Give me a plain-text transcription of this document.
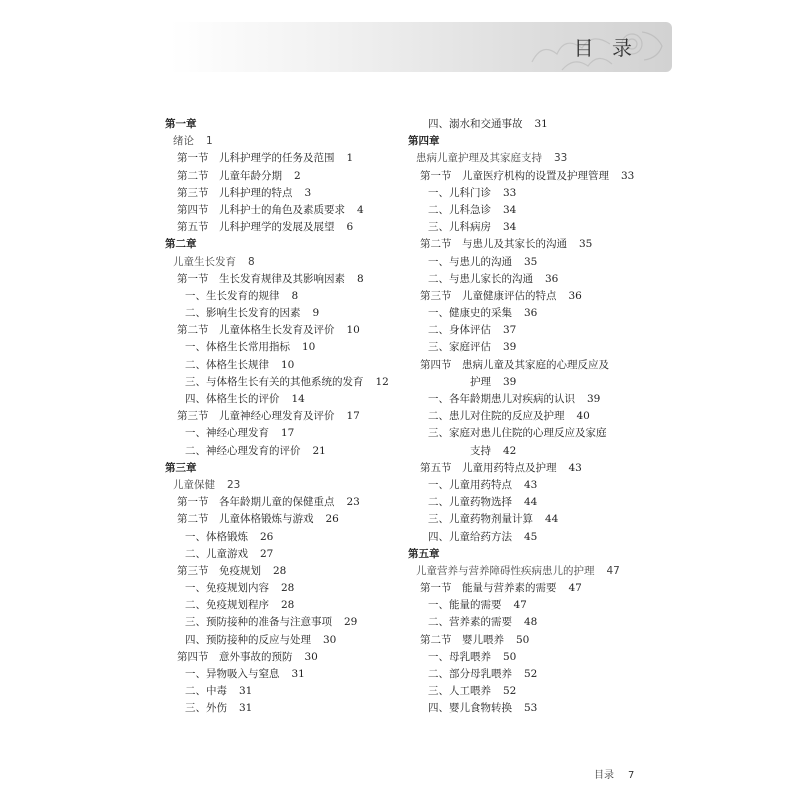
目 录
第一章
绪论 1
第一节　儿科护理学的任务及范围 1
第二节　儿童年龄分期 2
第三节　儿科护理的特点 3
第四节　儿科护士的角色及素质要求 4
第五节　儿科护理学的发展及展望 6
第二章
儿童生长发育 8
第一节　生长发育规律及其影响因素 8
一、生长发育的规律 8
二、影响生长发育的因素 9
第二节　儿童体格生长发育及评价 10
一、体格生长常用指标 10
二、体格生长规律 10
三、与体格生长有关的其他系统的发育 12
四、体格生长的评价 14
第三节　儿童神经心理发育及评价 17
一、神经心理发育 17
二、神经心理发育的评价 21
第三章
儿童保健 23
第一节　各年龄期儿童的保健重点 23
第二节　儿童体格锻炼与游戏 26
一、体格锻炼 26
二、儿童游戏 27
第三节　免疫规划 28
一、免疫规划内容 28
二、免疫规划程序 28
三、预防接种的准备与注意事项 29
四、预防接种的反应与处理 30
第四节　意外事故的预防 30
一、异物吸入与窒息 31
二、中毒 31
三、外伤 31
四、溺水和交通事故 31
第四章
患病儿童护理及其家庭支持 33
第一节　儿童医疗机构的设置及护理管理 33
一、儿科门诊 33
二、儿科急诊 34
三、儿科病房 34
第二节　与患儿及其家长的沟通 35
一、与患儿的沟通 35
二、与患儿家长的沟通 36
第三节　儿童健康评估的特点 36
一、健康史的采集 36
二、身体评估 37
三、家庭评估 39
第四节　患病儿童及其家庭的心理反应及
护理 39
一、各年龄期患儿对疾病的认识 39
二、患儿对住院的反应及护理 40
三、家庭对患儿住院的心理反应及家庭
支持 42
第五节　儿童用药特点及护理 43
一、儿童用药特点 43
二、儿童药物选择 44
三、儿童药物剂量计算 44
四、儿童给药方法 45
第五章
儿童营养与营养障碍性疾病患儿的护理 47
第一节　能量与营养素的需要 47
一、能量的需要 47
二、营养素的需要 48
第二节　婴儿喂养 50
一、母乳喂养 50
二、部分母乳喂养 52
三、人工喂养 52
四、婴儿食物转换 53
目录 7
